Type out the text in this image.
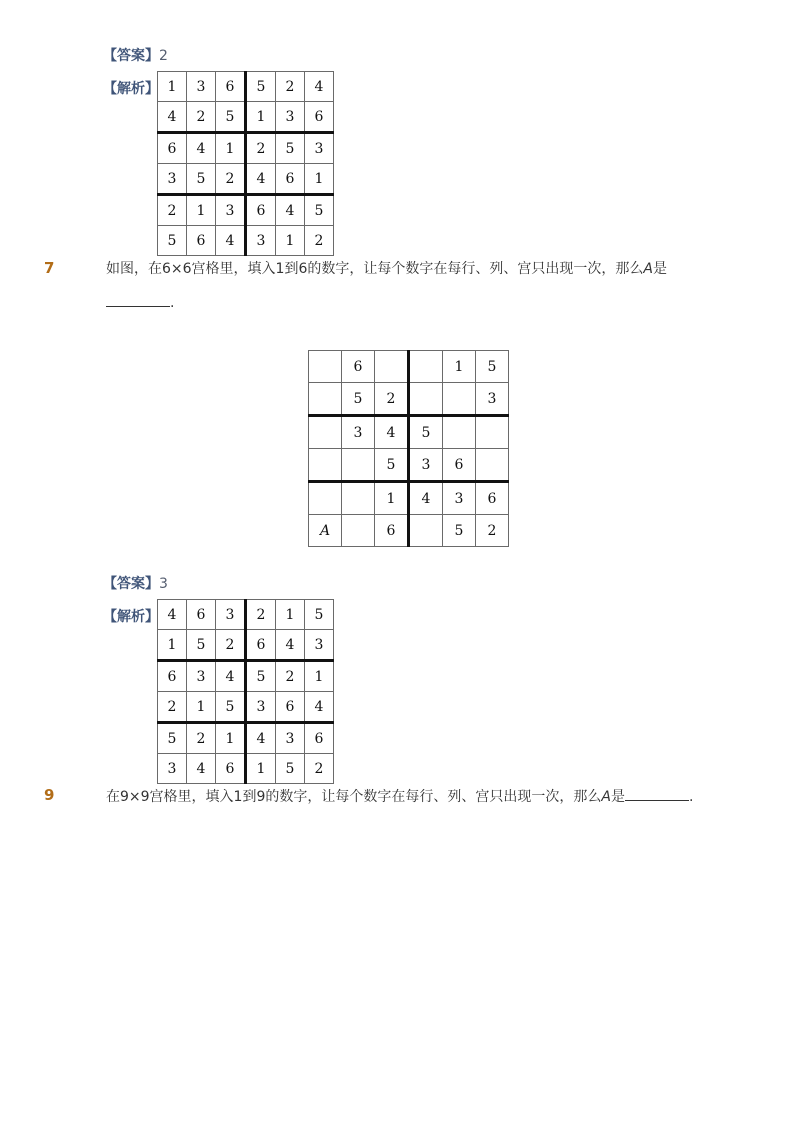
【答案】2
【解析】 1	3	6	5	2	4
4	2	5	1	3	6
6	4	1	2	5	3
3	5	2	4	6	1
2	1	3	6	4	5
5	6	4	3	1	2
7	如图，在6×6宫格里，填入1到6的数字，让每个数字在每行、列、宫只出现一次，那么A是
.
	6			1	5
	5	2			3
	3	4	5		
		5	3	6	
		1	4	3	6
A		6		5	2
【答案】3
【解析】 4	6	3	2	1	5
1	5	2	6	4	3
6	3	4	5	2	1
2	1	5	3	6	4
5	2	1	4	3	6
3	4	6	1	5	2
9	在9×9宫格里，填入1到9的数字，让每个数字在每行、列、宫只出现一次，那么A是	.
